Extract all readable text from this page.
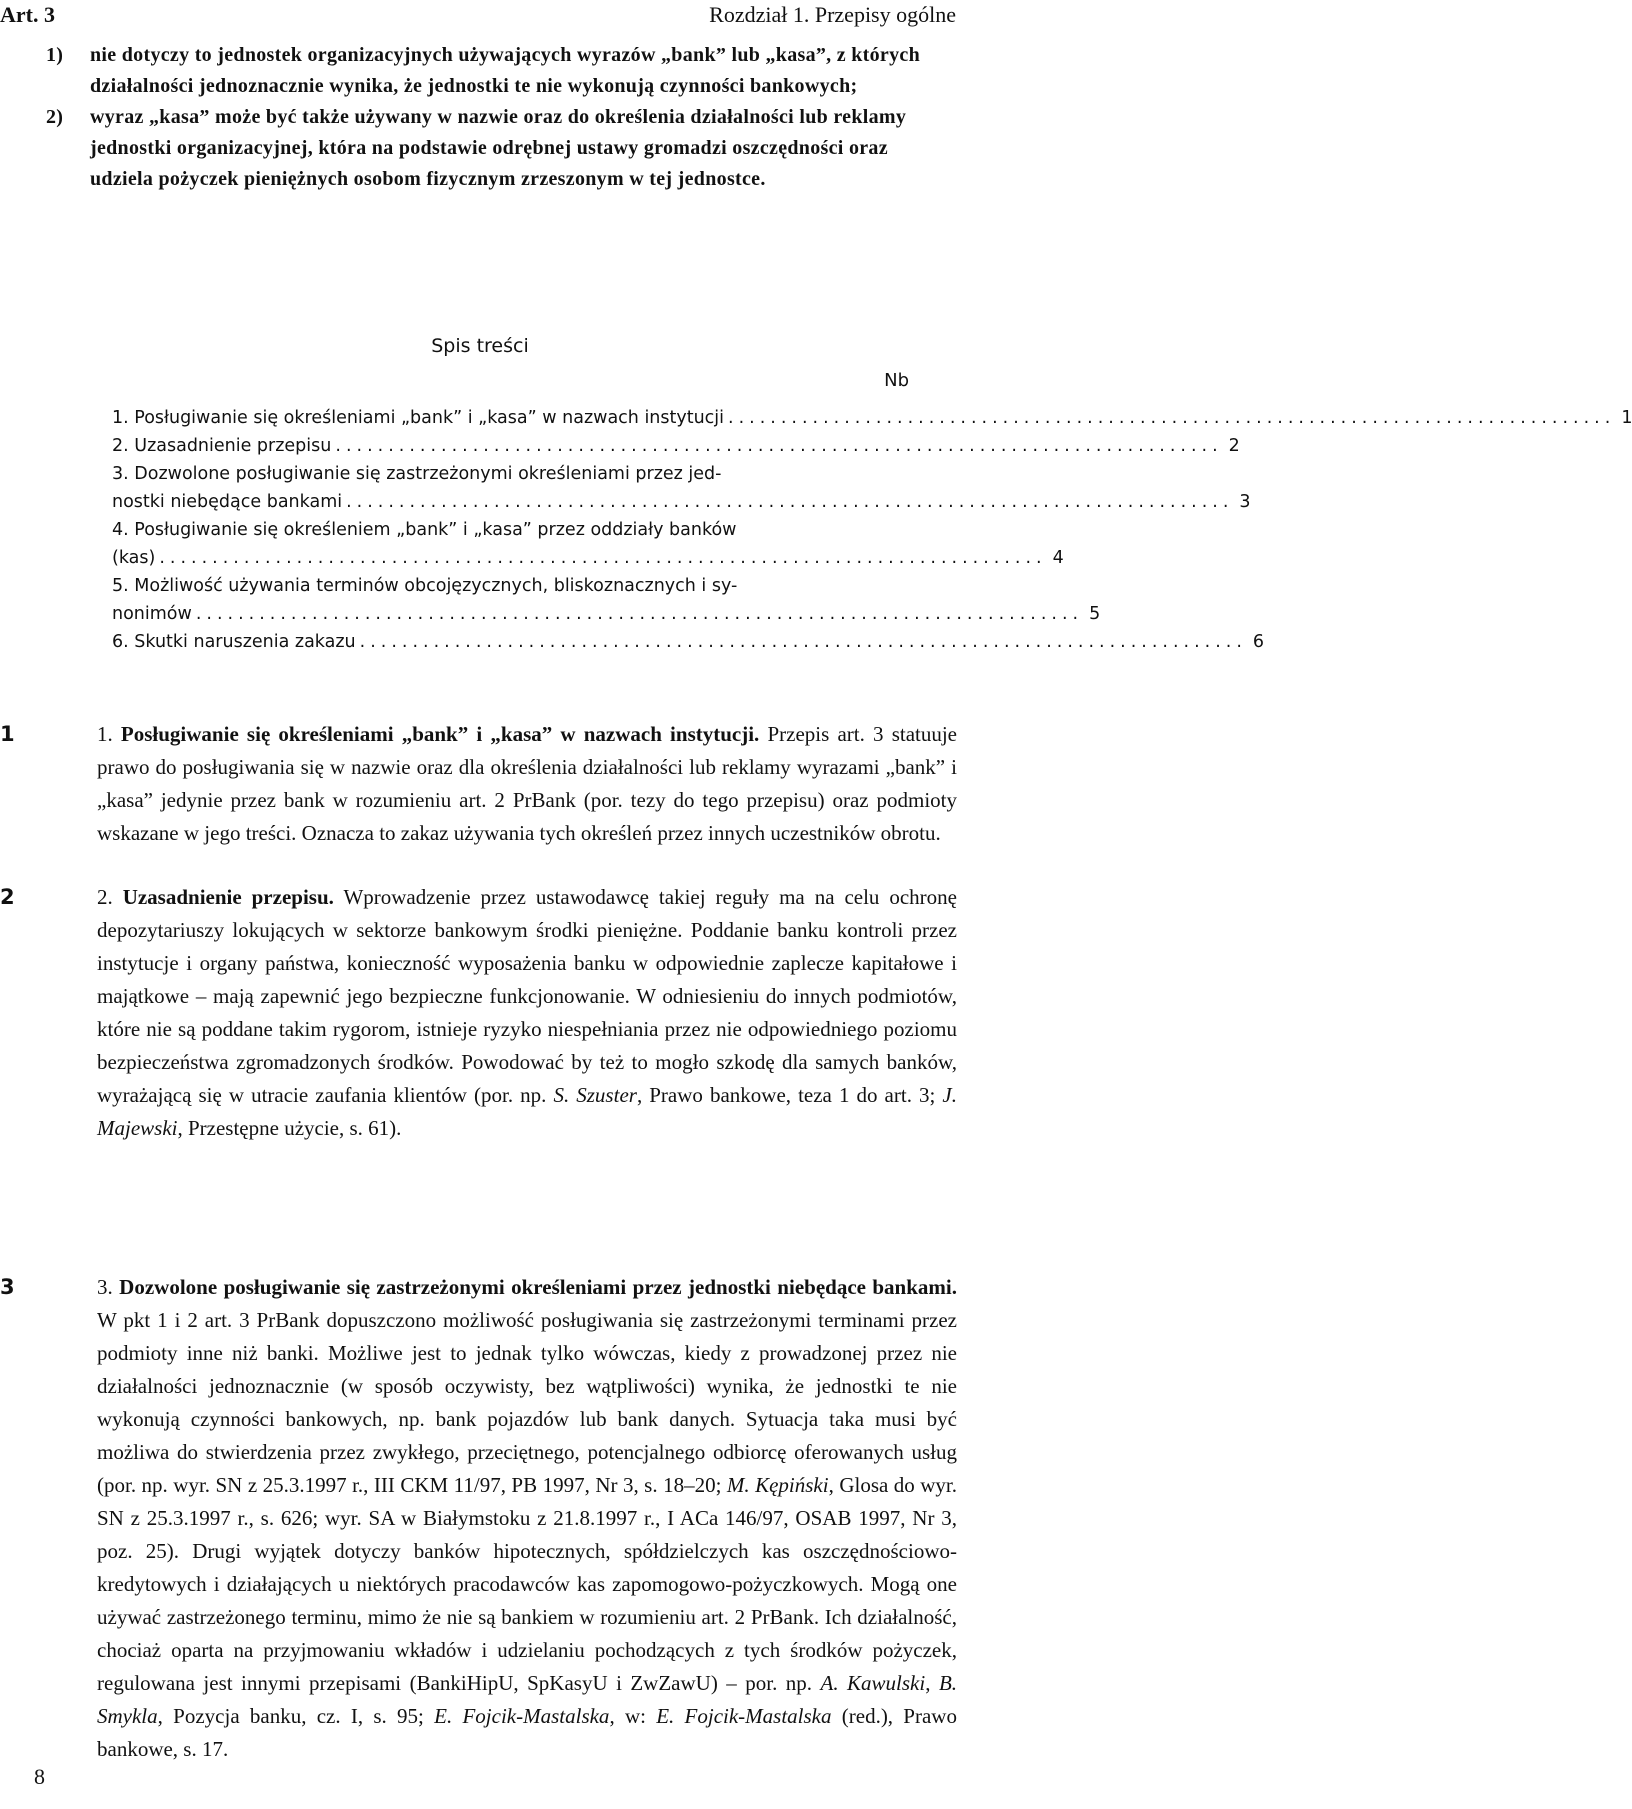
Art. 3	Rozdział 1. Przepisy ogólne
1) nie dotyczy to jednostek organizacyjnych używających wyrazów „bank” lub „kasa”, z których działalności jednoznacznie wynika, że jednostki te nie wykonują czynności bankowych;
2) wyraz „kasa” może być także używany w nazwie oraz do określenia działalności lub reklamy jednostki organizacyjnej, która na podstawie odrębnej ustawy gromadzi oszczędności oraz udziela pożyczek pieniężnych osobom fizycznym zrzeszonym w tej jednostce.
Spis treści
Nb
1. Posługiwanie się określeniami „bank” i „kasa” w nazwach instytucji .................................................................................... 1
2. Uzasadnienie przepisu .................................................................................... 2
3. Dozwolone posługiwanie się zastrzeżonymi określeniami przez jed-
nostki niebędące bankami .................................................................................... 3
4. Posługiwanie się określeniem „bank” i „kasa” przez oddziały banków
(kas) .................................................................................... 4
5. Możliwość używania terminów obcojęzycznych, bliskoznacznych i sy-
nonimów .................................................................................... 5
6. Skutki naruszenia zakazu .................................................................................... 6
1	1. Posługiwanie się określeniami „bank” i „kasa” w nazwach instytucji. Przepis art. 3 statuuje prawo do posługiwania się w nazwie oraz dla określenia działalności lub reklamy wyrazami „bank” i „kasa” jedynie przez bank w rozumieniu art. 2 PrBank (por. tezy do tego przepisu) oraz podmioty wskazane w jego treści. Oznacza to zakaz używania tych określeń przez innych uczestników obrotu.
2	2. Uzasadnienie przepisu. Wprowadzenie przez ustawodawcę takiej reguły ma na celu ochronę depozytariuszy lokujących w sektorze bankowym środki pieniężne. Poddanie banku kontroli przez instytucje i organy państwa, konieczność wyposażenia banku w odpowiednie zaplecze kapitałowe i majątkowe – mają zapewnić jego bezpieczne funkcjonowanie. W odniesieniu do innych podmiotów, które nie są poddane takim rygorom, istnieje ryzyko niespełniania przez nie odpowiedniego poziomu bezpieczeństwa zgromadzonych środków. Powodować by też to mogło szkodę dla samych banków, wyrażającą się w utracie zaufania klientów (por. np. S. Szuster, Prawo bankowe, teza 1 do art. 3; J. Majewski, Przestępne użycie, s. 61).
3	3. Dozwolone posługiwanie się zastrzeżonymi określeniami przez jednostki niebędące bankami. W pkt 1 i 2 art. 3 PrBank dopuszczono możliwość posługiwania się zastrzeżonymi terminami przez podmioty inne niż banki. Możliwe jest to jednak tylko wówczas, kiedy z prowadzonej przez nie działalności jednoznacznie (w sposób oczywisty, bez wątpliwości) wynika, że jednostki te nie wykonują czynności bankowych, np. bank pojazdów lub bank danych. Sytuacja taka musi być możliwa do stwierdzenia przez zwykłego, przeciętnego, potencjalnego odbiorcę oferowanych usług (por. np. wyr. SN z 25.3.1997 r., III CKM 11/97, PB 1997, Nr 3, s. 18–20; M. Kępiński, Glosa do wyr. SN z 25.3.1997 r., s. 626; wyr. SA w Białymstoku z 21.8.1997 r., I ACa 146/97, OSAB 1997, Nr 3, poz. 25). Drugi wyjątek dotyczy banków hipotecznych, spółdzielczych kas oszczędnościowo-kredytowych i działających u niektórych pracodawców kas zapomogowo-pożyczkowych. Mogą one używać zastrzeżonego terminu, mimo że nie są bankiem w rozumieniu art. 2 PrBank. Ich działalność, chociaż oparta na przyjmowaniu wkładów i udzielaniu pochodzących z tych środków pożyczek, regulowana jest innymi przepisami (BankiHipU, SpKasyU i ZwZawU) – por. np. A. Kawulski, B. Smykla, Pozycja banku, cz. I, s. 95; E. Fojcik-Mastalska, w: E. Fojcik-Mastalska (red.), Prawo bankowe, s. 17.
8
